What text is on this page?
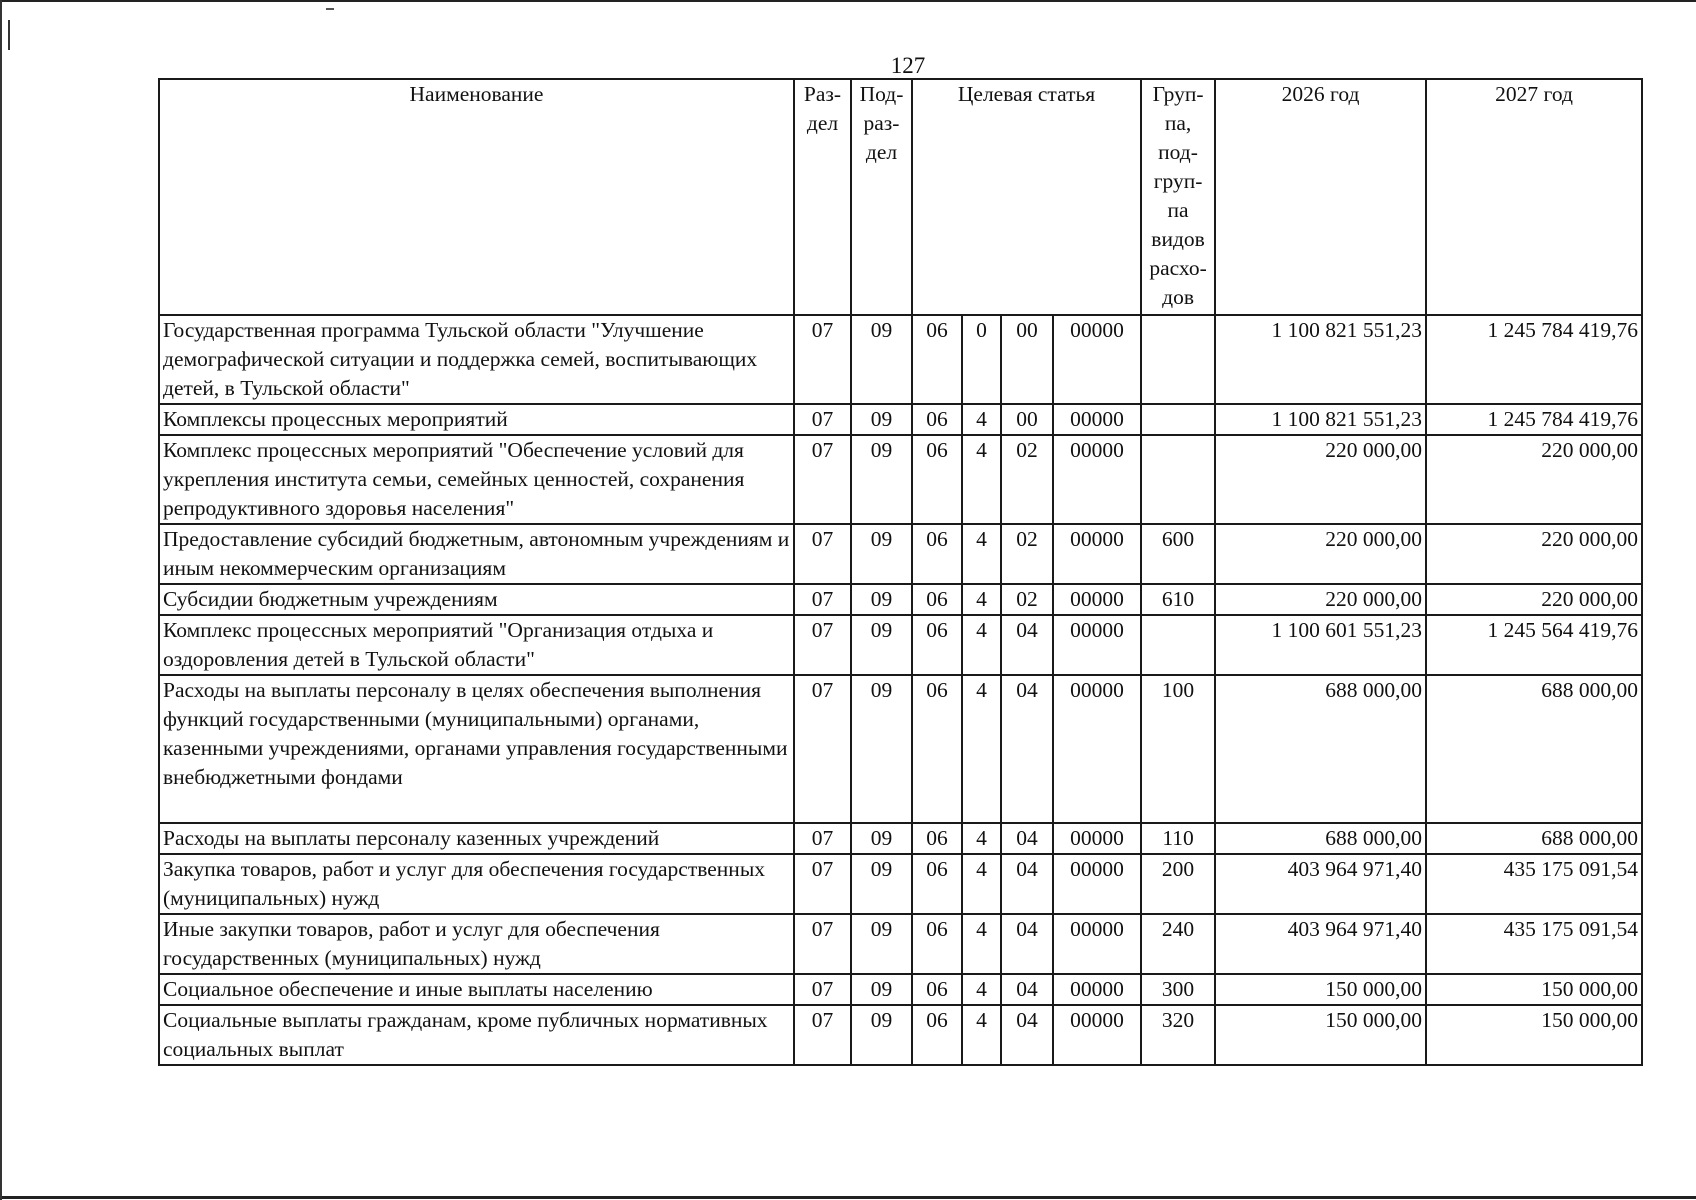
127
Наименование	Раз-дел	Под-раз-дел	Целевая статья				Груп-па, под-груп-па видов расхо-дов	2026 год	2027 год
Государственная программа Тульской области "Улучшение демографической ситуации и поддержка семей, воспитывающих детей, в Тульской области"	07	09	06	0	00	00000		1 100 821 551,23	1 245 784 419,76
Комплексы процессных мероприятий	07	09	06	4	00	00000		1 100 821 551,23	1 245 784 419,76
Комплекс процессных мероприятий "Обеспечение условий для укрепления института семьи, семейных ценностей, сохранения репродуктивного здоровья населения"	07	09	06	4	02	00000		220 000,00	220 000,00
Предоставление субсидий бюджетным, автономным учреждениям и иным некоммерческим организациям	07	09	06	4	02	00000	600	220 000,00	220 000,00
Субсидии бюджетным учреждениям	07	09	06	4	02	00000	610	220 000,00	220 000,00
Комплекс процессных мероприятий "Организация отдыха и оздоровления детей в Тульской области"	07	09	06	4	04	00000		1 100 601 551,23	1 245 564 419,76
Расходы на выплаты персоналу в целях обеспечения выполнения функций государственными (муниципальными) органами, казенными учреждениями, органами управления государственными внебюджетными фондами	07	09	06	4	04	00000	100	688 000,00	688 000,00
Расходы на выплаты персоналу казенных учреждений	07	09	06	4	04	00000	110	688 000,00	688 000,00
Закупка товаров, работ и услуг для обеспечения государственных (муниципальных) нужд	07	09	06	4	04	00000	200	403 964 971,40	435 175 091,54
Иные закупки товаров, работ и услуг для обеспечения государственных (муниципальных) нужд	07	09	06	4	04	00000	240	403 964 971,40	435 175 091,54
Социальное обеспечение и иные выплаты населению	07	09	06	4	04	00000	300	150 000,00	150 000,00
Социальные выплаты гражданам, кроме публичных нормативных социальных выплат	07	09	06	4	04	00000	320	150 000,00	150 000,00
